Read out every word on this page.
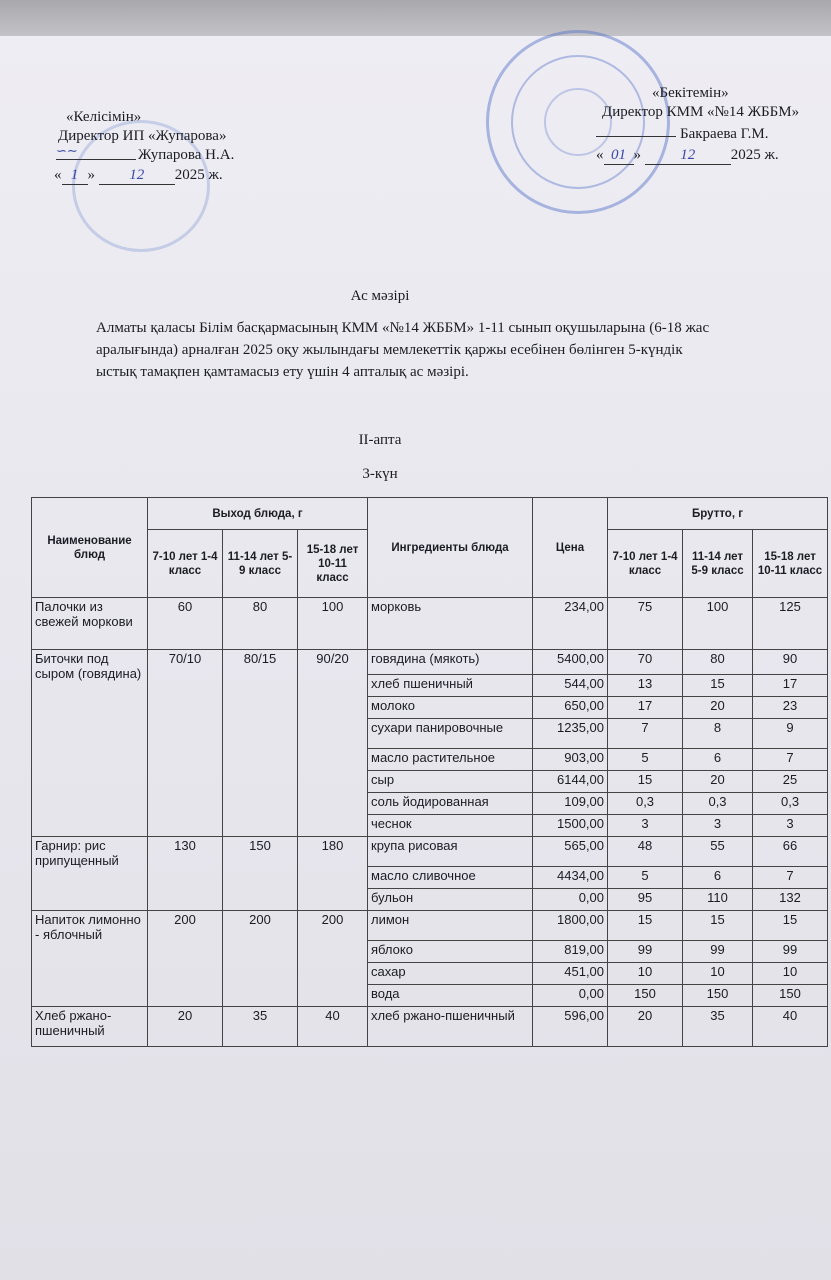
«Келісімін»
Директор ИП «Жупарова»
∽∼	Жупарова Н.А.
« 1 » 12 2025 ж.
«Бекітемін»
Директор КММ «№14 ЖББМ»
Бакраева Г.М.
« 01 »	12 2025 ж.
Ас мәзірі
Алматы қаласы Білім басқармасының КММ «№14 ЖББМ» 1-11 сынып оқушыларына (6-18 жас аралығында) арналған 2025 оқу жылындағы мемлекеттік қаржы есебінен бөлінген 5-күндік ыстық тамақпен қамтамасыз ету үшін 4 апталық ас мәзірі.
II-апта
3-күн
Наименование блюд	Выход блюда, г			Ингредиенты блюда	Цена	Брутто, г		
	7-10 лет 1-4 класс	11-14 лет 5-9 класс	15-18 лет 10-11 класс			7-10 лет 1-4 класс	11-14 лет 5-9 класс	15-18 лет 10-11 класс
Палочки из свежей моркови	60	80	100	морковь	234,00	75	100	125
Биточки под сыром (говядина)	70/10	80/15	90/20	говядина (мякоть)	5400,00	70	80	90
				хлеб пшеничный	544,00	13	15	17
				молоко	650,00	17	20	23
				сухари панировочные	1235,00	7	8	9
				масло растительное	903,00	5	6	7
				сыр	6144,00	15	20	25
				соль йодированная	109,00	0,3	0,3	0,3
				чеснок	1500,00	3	3	3
Гарнир: рис припущенный	130	150	180	крупа рисовая	565,00	48	55	66
				масло сливочное	4434,00	5	6	7
				бульон	0,00	95	110	132
Напиток лимонно - яблочный	200	200	200	лимон	1800,00	15	15	15
				яблоко	819,00	99	99	99
				сахар	451,00	10	10	10
				вода	0,00	150	150	150
Хлеб ржано-пшеничный	20	35	40	хлеб ржано-пшеничный	596,00	20	35	40
